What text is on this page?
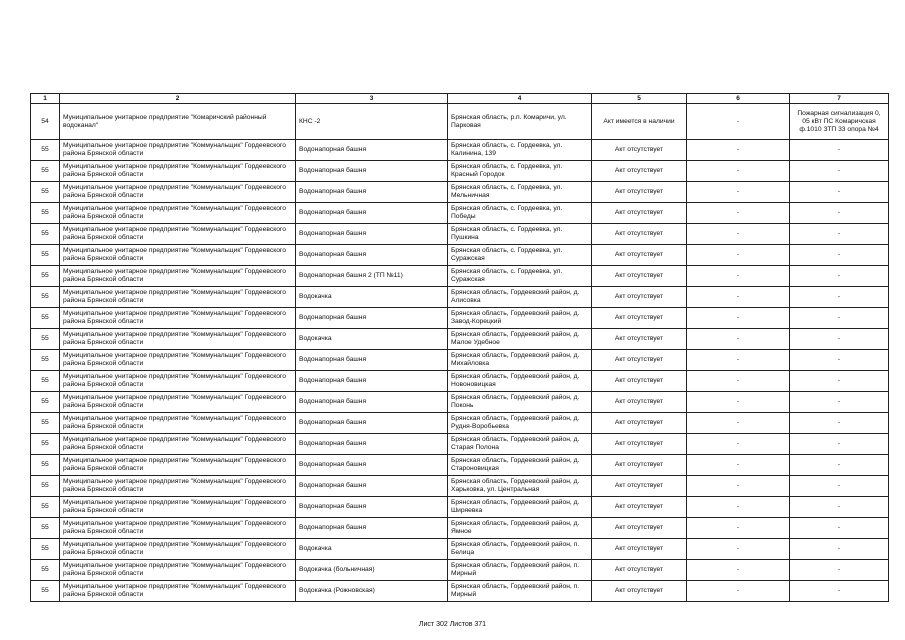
1	2	3	4	5	6	7
54	Муниципальное унитарное предприятие "Комаричский районный водоканал"	КНС -2	Брянская область, р.п. Комаричи, ул. Парковая	Акт имеется в наличии	-	Пожарная сигнализация 0, 05 кВт ПС Комаричская ф.1010 ЗТП 33 опора №4
55	Муниципальное унитарное предприятие "Коммунальщик" Гордеевского района Брянской области	Водонапорная башня	Брянская область, с. Гордеевка, ул. Калинина, 139	Акт отсутствует	-	-
55	Муниципальное унитарное предприятие "Коммунальщик" Гордеевского района Брянской области	Водонапорная башня	Брянская область, с. Гордеевка, ул. Красный Городок	Акт отсутствует	-	-
55	Муниципальное унитарное предприятие "Коммунальщик" Гордеевского района Брянской области	Водонапорная башня	Брянская область, с. Гордеевка, ул. Мельничная	Акт отсутствует	-	-
55	Муниципальное унитарное предприятие "Коммунальщик" Гордеевского района Брянской области	Водонапорная башня	Брянская область, с. Гордеевка, ул. Победы	Акт отсутствует	-	-
55	Муниципальное унитарное предприятие "Коммунальщик" Гордеевского района Брянской области	Водонапорная башня	Брянская область, с. Гордеевка, ул. Пушкина	Акт отсутствует	-	-
55	Муниципальное унитарное предприятие "Коммунальщик" Гордеевского района Брянской области	Водонапорная башня	Брянская область, с. Гордеевка, ул. Суражская	Акт отсутствует	-	-
55	Муниципальное унитарное предприятие "Коммунальщик" Гордеевского района Брянской области	Водонапорная башня 2 (ТП №11)	Брянская область, с. Гордеевка, ул. Суражская	Акт отсутствует	-	-
55	Муниципальное унитарное предприятие "Коммунальщик" Гордеевского района Брянской области	Водокачка	Брянская область, Гордеевский район, д. Алисовка	Акт отсутствует	-	-
55	Муниципальное унитарное предприятие "Коммунальщик" Гордеевского района Брянской области	Водонапорная башня	Брянская область, Гордеевский район, д. Завод-Корецкий	Акт отсутствует	-	-
55	Муниципальное унитарное предприятие "Коммунальщик" Гордеевского района Брянской области	Водокачка	Брянская область, Гордеевский район, д. Малое Удебное	Акт отсутствует	-	-
55	Муниципальное унитарное предприятие "Коммунальщик" Гордеевского района Брянской области	Водонапорная башня	Брянская область, Гордеевский район, д. Михайловка	Акт отсутствует	-	-
55	Муниципальное унитарное предприятие "Коммунальщик" Гордеевского района Брянской области	Водонапорная башня	Брянская область, Гордеевский район, д. Новоновицкая	Акт отсутствует	-	-
55	Муниципальное унитарное предприятие "Коммунальщик" Гордеевского района Брянской области	Водонапорная башня	Брянская область, Гордеевский район, д. Поконь	Акт отсутствует	-	-
55	Муниципальное унитарное предприятие "Коммунальщик" Гордеевского района Брянской области	Водонапорная башня	Брянская область, Гордеевский район, д. Рудня-Воробьевка	Акт отсутствует	-	-
55	Муниципальное унитарное предприятие "Коммунальщик" Гордеевского района Брянской области	Водонапорная башня	Брянская область, Гордеевский район, д. Старая Полона	Акт отсутствует	-	-
55	Муниципальное унитарное предприятие "Коммунальщик" Гордеевского района Брянской области	Водонапорная башня	Брянская область, Гордеевский район, д. Староновицкая	Акт отсутствует	-	-
55	Муниципальное унитарное предприятие "Коммунальщик" Гордеевского района Брянской области	Водонапорная башня	Брянская область, Гордеевский район, д. Харьковка, ул. Центральная	Акт отсутствует	-	-
55	Муниципальное унитарное предприятие "Коммунальщик" Гордеевского района Брянской области	Водонапорная башня	Брянская область, Гордеевский район, д. Ширяевка	Акт отсутствует	-	-
55	Муниципальное унитарное предприятие "Коммунальщик" Гордеевского района Брянской области	Водонапорная башня	Брянская область, Гордеевский район, д. Ямное	Акт отсутствует	-	-
55	Муниципальное унитарное предприятие "Коммунальщик" Гордеевского района Брянской области	Водокачка	Брянская область, Гордеевский район, п. Белица	Акт отсутствует	-	-
55	Муниципальное унитарное предприятие "Коммунальщик" Гордеевского района Брянской области	Водокачка (больничная)	Брянская область, Гордеевский район, п. Мирный	Акт отсутствует	-	-
55	Муниципальное унитарное предприятие "Коммунальщик" Гордеевского района Брянской области	Водокачка (Рожновская)	Брянская область, Гордеевский район, п. Мирный	Акт отсутствует	-	-
Лист 302 Листов 371
